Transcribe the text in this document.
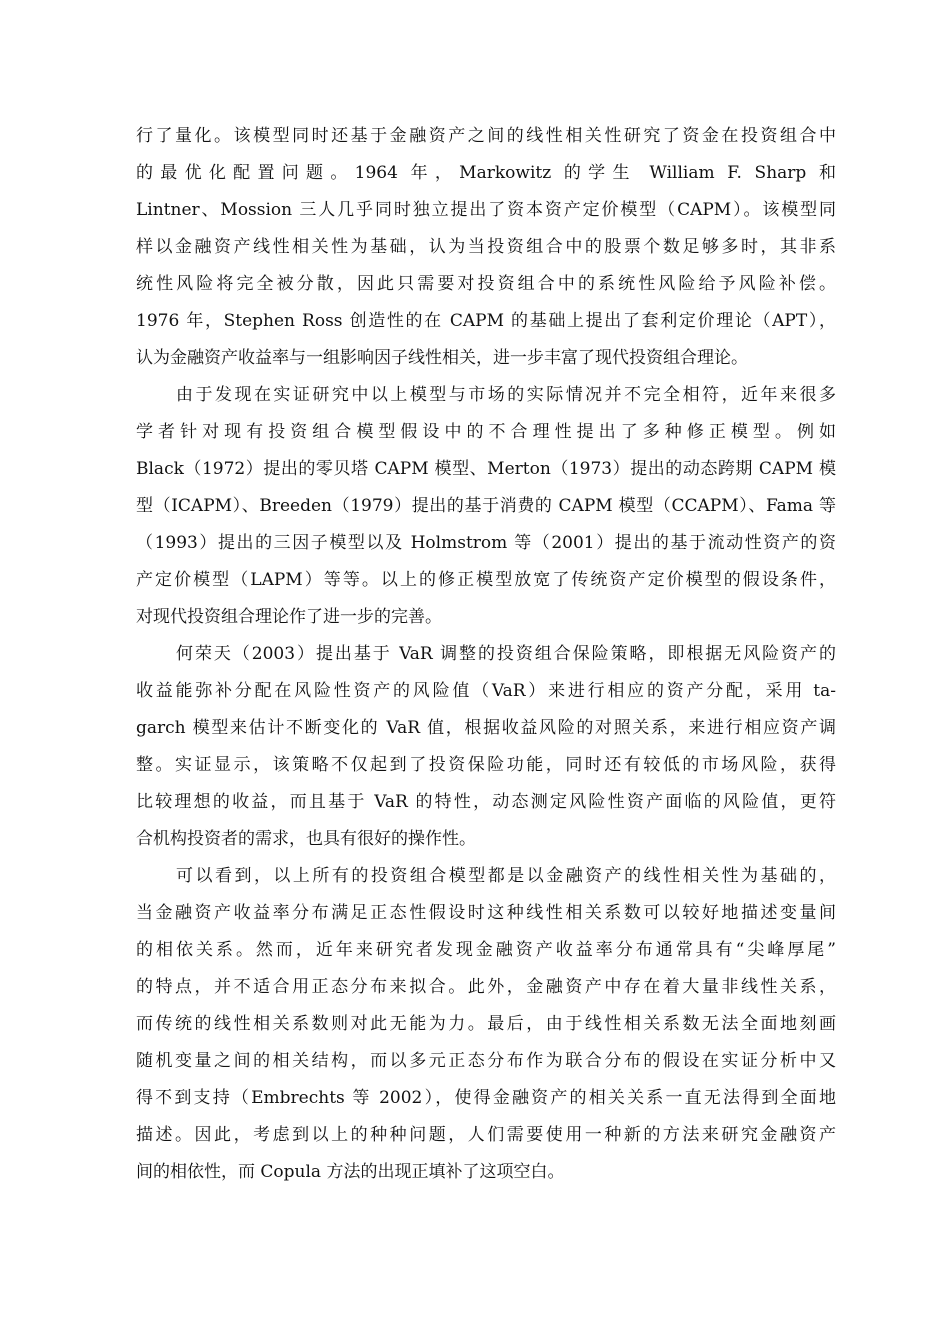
行了量化。该模型同时还基于金融资产之间的线性相关性研究了资金在投资组合中
的最优化配置问题。1964 年，Markowitz 的学生 William F. Sharp 和
Lintner、Mossion 三人几乎同时独立提出了资本资产定价模型（CAPM）。该模型同
样以金融资产线性相关性为基础，认为当投资组合中的股票个数足够多时，其非系
统性风险将完全被分散，因此只需要对投资组合中的系统性风险给予风险补偿。
1976 年，Stephen Ross 创造性的在 CAPM 的基础上提出了套利定价理论（APT），
认为金融资产收益率与一组影响因子线性相关，进一步丰富了现代投资组合理论。
由于发现在实证研究中以上模型与市场的实际情况并不完全相符，近年来很多
学者针对现有投资组合模型假设中的不合理性提出了多种修正模型。例如
Black（1972）提出的零贝塔 CAPM 模型、Merton（1973）提出的动态跨期 CAPM 模
型（ICAPM）、Breeden（1979）提出的基于消费的 CAPM 模型（CCAPM）、Fama 等
（1993）提出的三因子模型以及 Holmstrom 等（2001）提出的基于流动性资产的资
产定价模型（LAPM）等等。以上的修正模型放宽了传统资产定价模型的假设条件，
对现代投资组合理论作了进一步的完善。
何荣天（2003）提出基于 VaR 调整的投资组合保险策略，即根据无风险资产的
收益能弥补分配在风险性资产的风险值（VaR）来进行相应的资产分配，采用 ta-
garch 模型来估计不断变化的 VaR 值，根据收益风险的对照关系，来进行相应资产调
整。实证显示，该策略不仅起到了投资保险功能，同时还有较低的市场风险，获得
比较理想的收益，而且基于 VaR 的特性，动态测定风险性资产面临的风险值，更符
合机构投资者的需求，也具有很好的操作性。
可以看到，以上所有的投资组合模型都是以金融资产的线性相关性为基础的，
当金融资产收益率分布满足正态性假设时这种线性相关系数可以较好地描述变量间
的相依关系。然而，近年来研究者发现金融资产收益率分布通常具有“尖峰厚尾”
的特点，并不适合用正态分布来拟合。此外，金融资产中存在着大量非线性关系，
而传统的线性相关系数则对此无能为力。最后，由于线性相关系数无法全面地刻画
随机变量之间的相关结构，而以多元正态分布作为联合分布的假设在实证分析中又
得不到支持（Embrechts 等 2002），使得金融资产的相关关系一直无法得到全面地
描述。因此，考虑到以上的种种问题，人们需要使用一种新的方法来研究金融资产
间的相依性，而 Copula 方法的出现正填补了这项空白。
